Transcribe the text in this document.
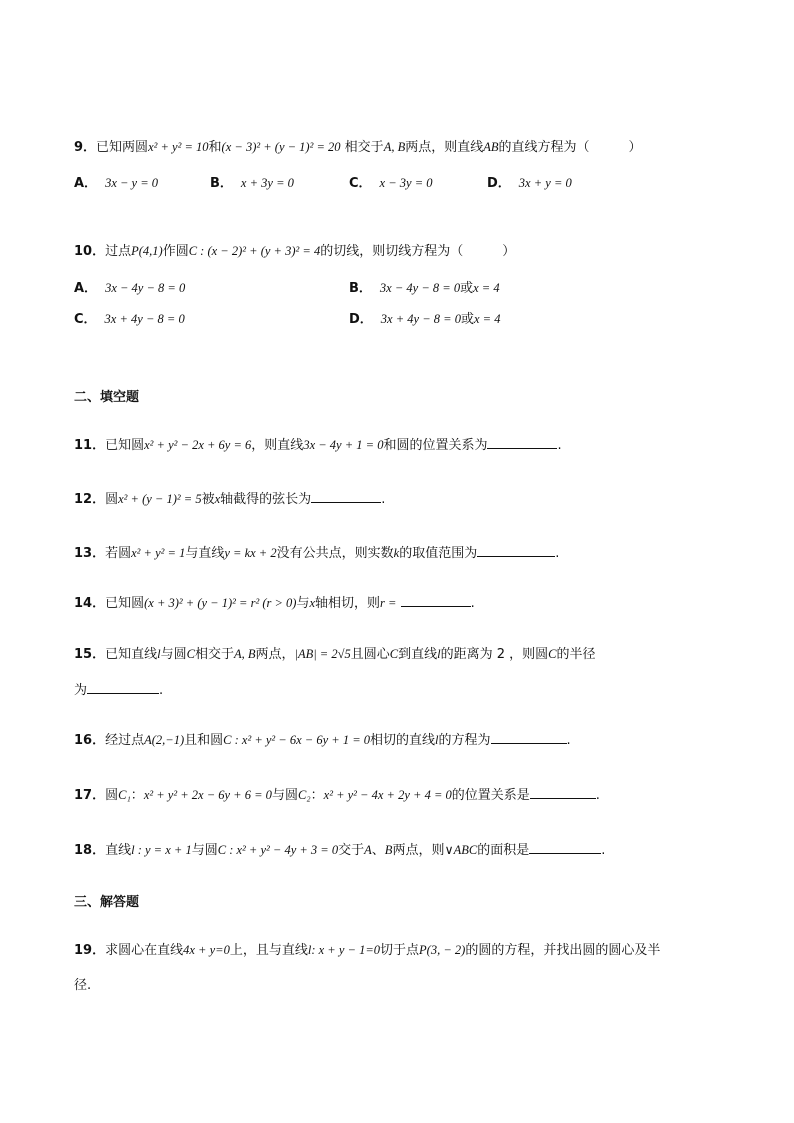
9．已知两圆x² + y² = 10和(x − 3)² + (y − 1)² = 20 相交于A, B两点，则直线AB的直线方程为（　　　）
A． 3x − y = 0	B． x + 3y = 0	C． x − 3y = 0	D． 3x + y = 0
10．过点P(4,1)作圆C : (x − 2)² + (y + 3)² = 4的切线，则切线方程为（　　　）
A． 3x − 4y − 8 = 0	B． 3x − 4y − 8 = 0或x = 4
C． 3x + 4y − 8 = 0	D． 3x + 4y − 8 = 0或x = 4
二、填空题
11．已知圆x² + y² − 2x + 6y = 6，则直线3x − 4y + 1 = 0和圆的位置关系为	.
12．圆x² + (y − 1)² = 5被x轴截得的弦长为	.
13．若圆x² + y² = 1与直线y = kx + 2没有公共点，则实数k的取值范围为	.
14．已知圆(x + 3)² + (y − 1)² = r² (r > 0)与x轴相切，则r =	.
15．已知直线l与圆C相交于A, B两点，|AB| = 2√5且圆心C到直线l的距离为 2 ，则圆C的半径
为	.
16．经过点A(2,−1)且和圆C : x² + y² − 6x − 6y + 1 = 0相切的直线l的方程为	.
17．圆C₁：x² + y² + 2x − 6y + 6 = 0与圆C₂：x² + y² − 4x + 2y + 4 = 0的位置关系是	.
18．直线l : y = x + 1与圆C : x² + y² − 4y + 3 = 0交于A、B两点，则∨ABC的面积是	.
三、解答题
19．求圆心在直线4x + y=0上，且与直线l: x + y − 1=0切于点P(3, − 2)的圆的方程，并找出圆的圆心及半
径.
